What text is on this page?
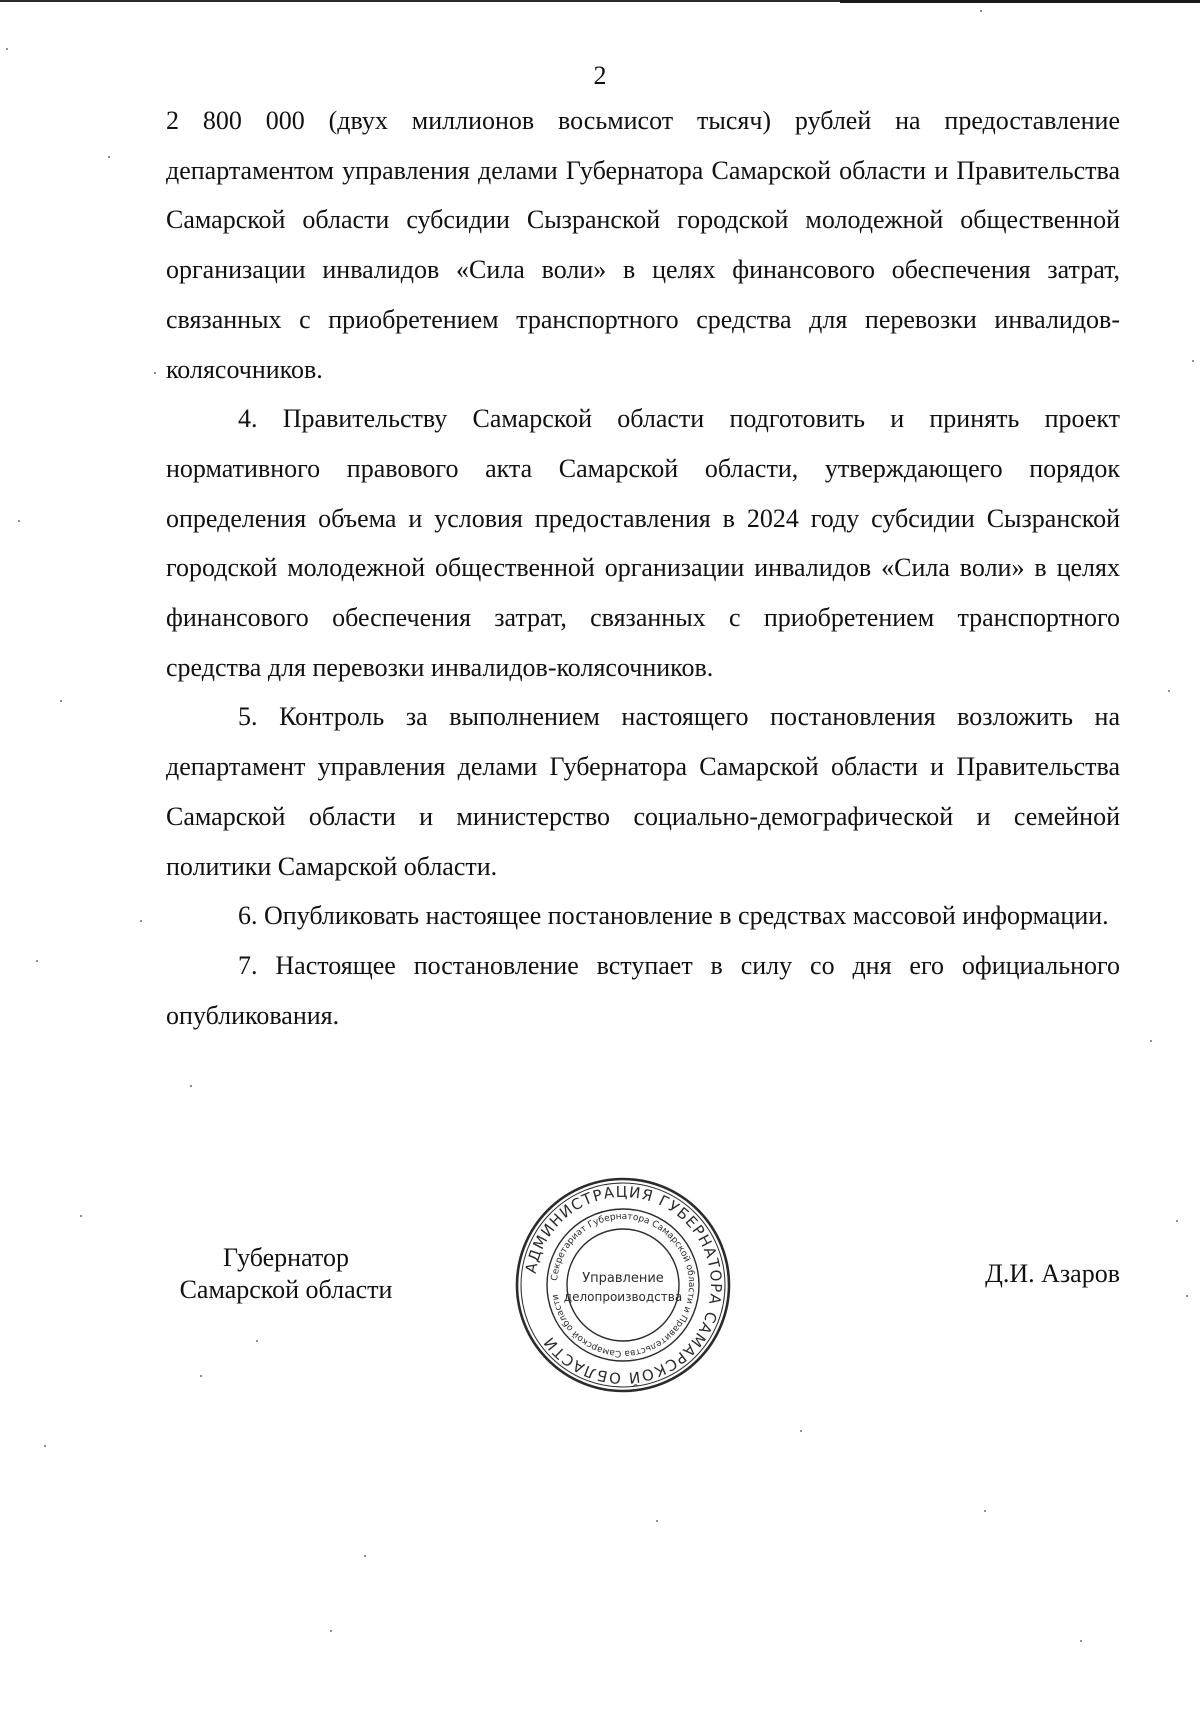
2

2 800 000 (двух миллионов восьмисот тысяч) рублей на предоставление департаментом управления делами Губернатора Самарской области и Правительства Самарской области субсидии Сызранской городской молодежной общественной организации инвалидов «Сила воли» в целях финансового обеспечения затрат, связанных с приобретением транспортного средства для перевозки инвалидов-колясочников.

4. Правительству Самарской области подготовить и принять проект нормативного правового акта Самарской области, утверждающего порядок определения объема и условия предоставления в 2024 году субсидии Сызранской городской молодежной общественной организации инвалидов «Сила воли» в целях финансового обеспечения затрат, связанных с приобретением транспортного средства для перевозки инвалидов-колясочников.

5. Контроль за выполнением настоящего постановления возложить на департамент управления делами Губернатора Самарской области и Правительства Самарской области и министерство социально-демографической и семейной политики Самарской области.

6. Опубликовать настоящее постановление в средствах массовой информации.

7. Настоящее постановление вступает в силу со дня его официального опубликования.

Губернатор
Самарской области
Д.И. Азаров
АДМИНИСТРАЦИЯ ГУБЕРНАТОРА САМАРСКОЙ ОБЛАСТИ
Секретариат Губернатора Самарской области и Правительства Самарской области
Управление
делопроизводства
